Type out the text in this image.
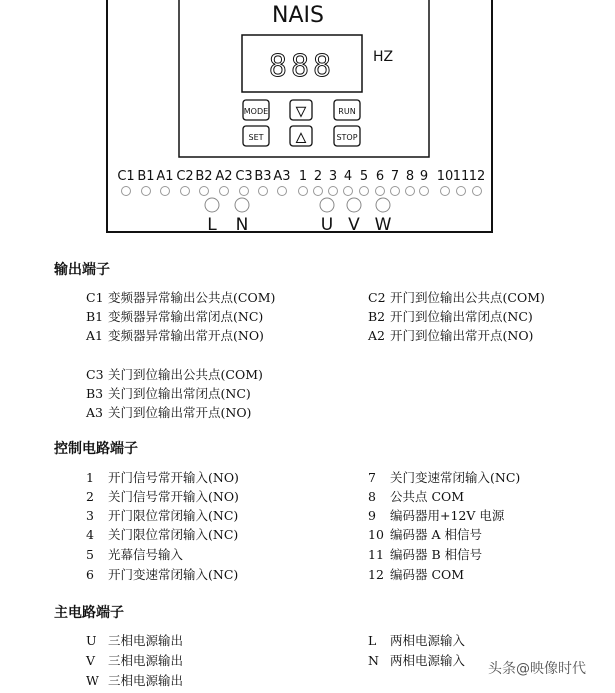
NAIS
888	HZ
MODE ▼	RUN
SET	▲	STOP
C1 B1 A1 C2 B2 A2 C3 B3 A3 1 2 3 4 5 6 7 8 9 10 11 12
L N	U V W
输出端子
C1 变频器异常输出公共点(COM)	C2 开门到位输出公共点(COM)
B1 变频器异常输出常闭点(NC)	B2 开门到位输出常闭点(NC)
A1 变频器异常输出常开点(NO)	A2 开门到位输出常开点(NO)
C3 关门到位输出公共点(COM)
B3 关门到位输出常闭点(NC)
A3 关门到位输出常开点(NO)
控制电路端子
1 开门信号常开输入(NO)	7 关门变速常闭输入(NC)
2 关门信号常开输入(NO)	8 公共点 COM
3 开门限位常闭输入(NC)	9 编码器用+12V 电源
4 关门限位常闭输入(NC)	10 编码器 A 相信号
5 光幕信号输入	11 编码器 B 相信号
6 开门变速常闭输入(NC)	12 编码器 COM
主电路端子
U 三相电源输出	L 两相电源输入
V 三相电源输出	N 两相电源输入
W 三相电源输出
头条@映像时代
